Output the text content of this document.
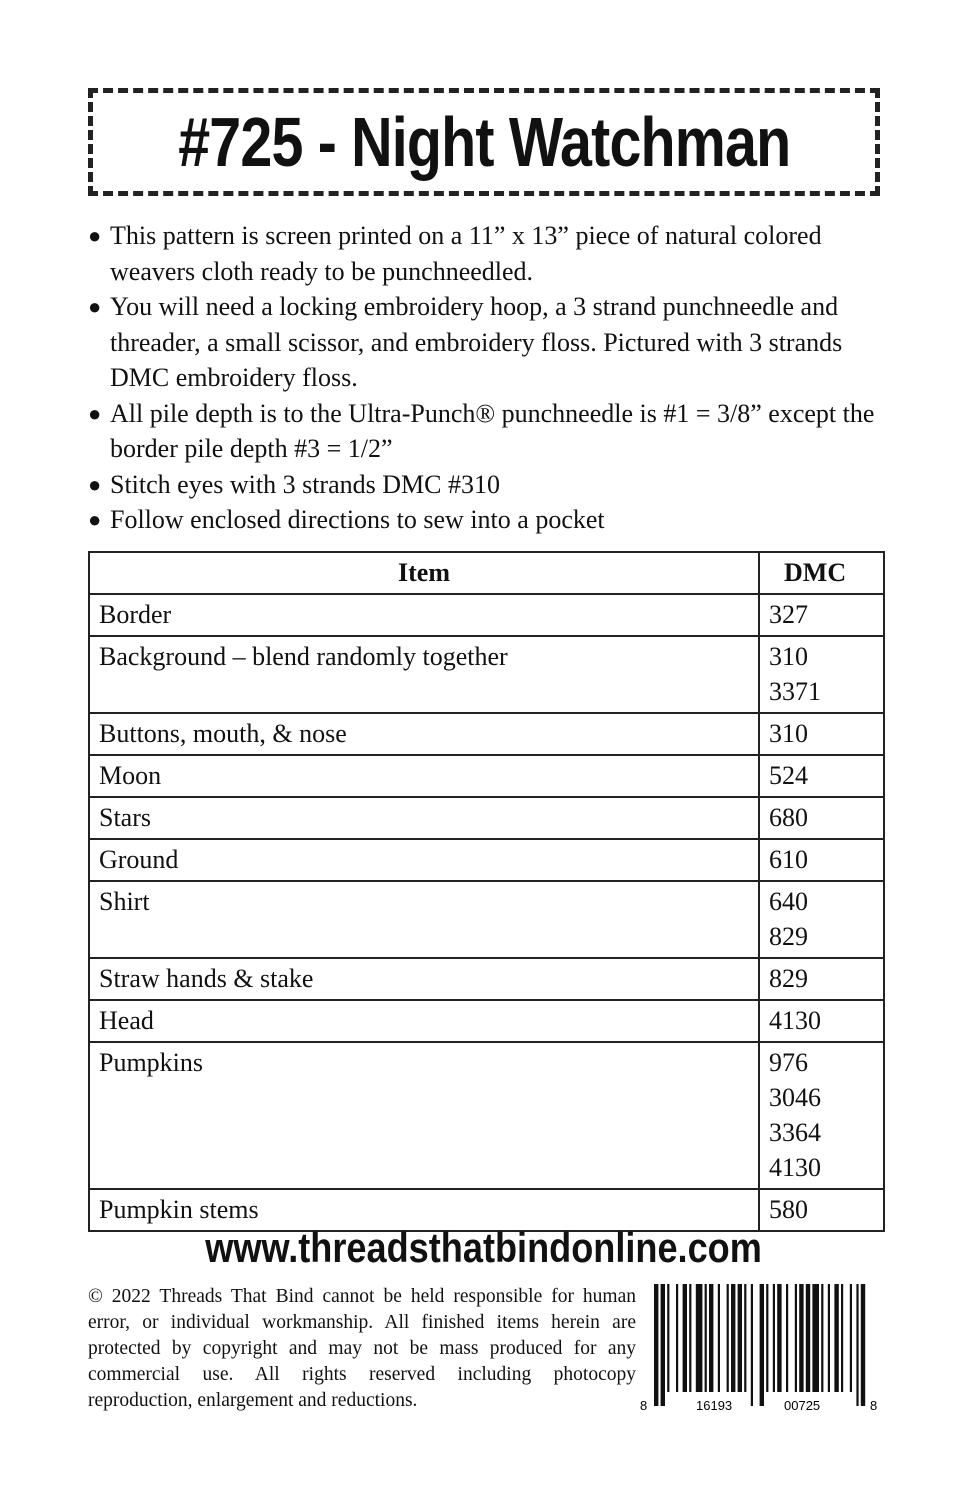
#725 - Night Watchman
● This pattern is screen printed on a 11” x 13” piece of natural colored weavers cloth ready to be punchneedled.
● You will need a locking embroidery hoop, a 3 strand punchneedle and threader, a small scissor, and embroidery floss. Pictured with 3 strands DMC embroidery floss.
● All pile depth is to the Ultra-Punch® punchneedle is #1 = 3/8” except the border pile depth #3 = 1/2”
● Stitch eyes with 3 strands DMC #310
● Follow enclosed directions to sew into a pocket
Item	DMC
Border	327

Background – blend randomly together	310
3371

Buttons, mouth, & nose	310

Moon	524

Stars	680

Ground	610

Shirt	640
829

Straw hands & stake	829

Head	4130

Pumpkins	976
3046
3364
4130

Pumpkin stems	580
www.threadsthatbindonline.com
© 2022 Threads That Bind cannot be held responsible for human error, or individual workmanship. All finished items herein are protected by copyright and may not be mass produced for any commercial use. All rights reserved including photocopy reproduction, enlargement and reductions.	8	16193	00725	8
